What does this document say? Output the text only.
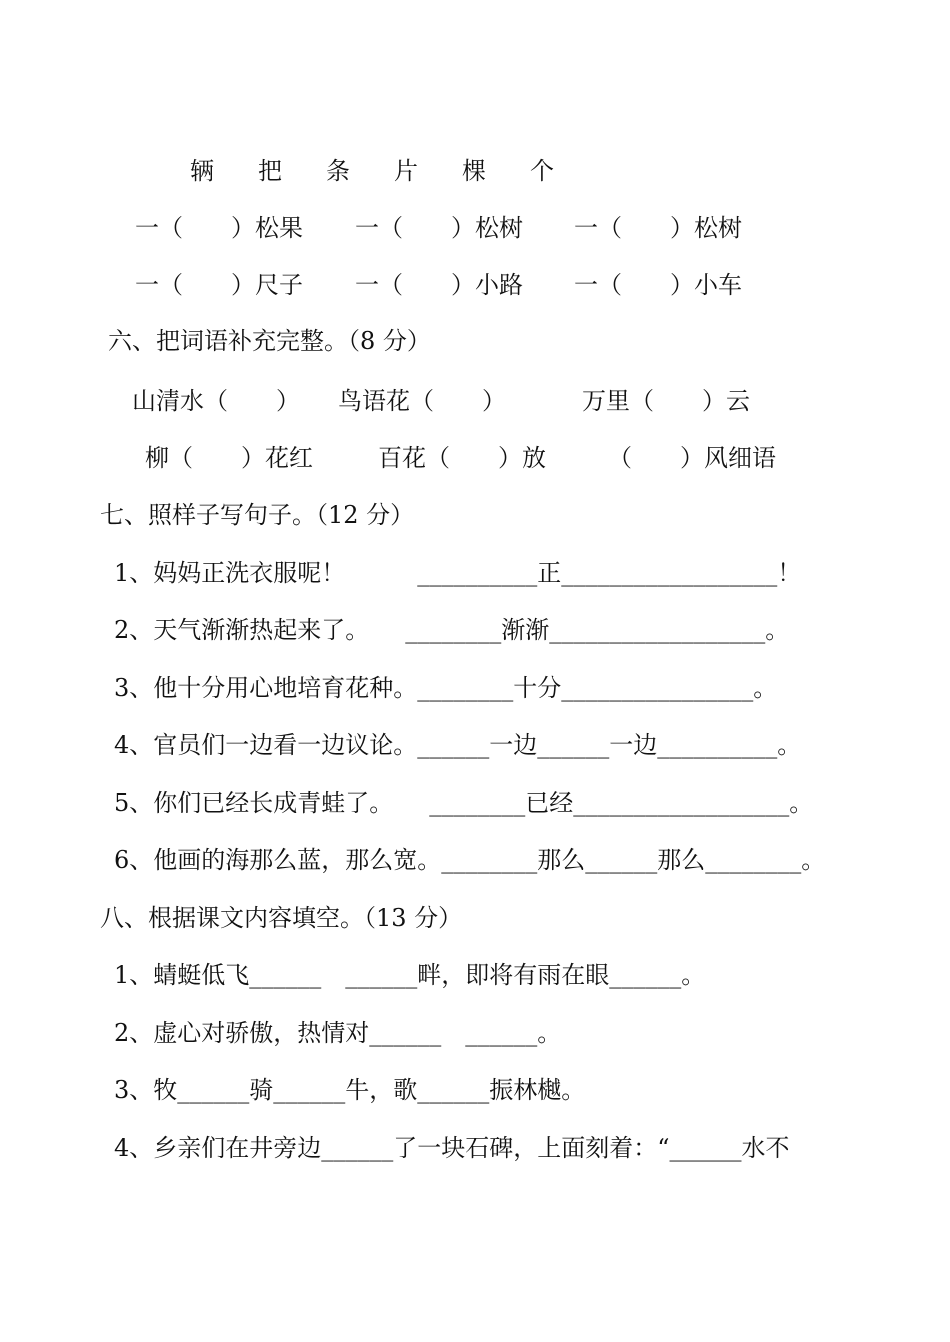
辆 把 条 片 棵 个
一（　　）松果 一（　　）松树 一（　　）松树
一（　　）尺子 一（　　）小路 一（　　）小车
六、把词语补充完整。（8 分）
山清水（　　） 鸟语花（　　）	万里（　　）云
柳（　　）花红	百花（　　）放	（　　）风细语
七、照样子写句子。（12 分）
1、妈妈正洗衣服呢！　　　__________正__________________！
2、天气渐渐热起来了。　　________渐渐__________________。
3、他十分用心地培育花种。________十分________________。
4、官员们一边看一边议论。______一边______一边__________。
5、你们已经长成青蛙了。　　________已经__________________。
6、他画的海那么蓝，那么宽。________那么______那么________。
八、根据课文内容填空。（13 分）
1、蜻蜓低飞______　______畔，即将有雨在眼______。
2、虚心对骄傲，热情对______　______。
3、牧______骑______牛，歌______振林樾。
4、乡亲们在井旁边______了一块石碑，上面刻着：“______水不
